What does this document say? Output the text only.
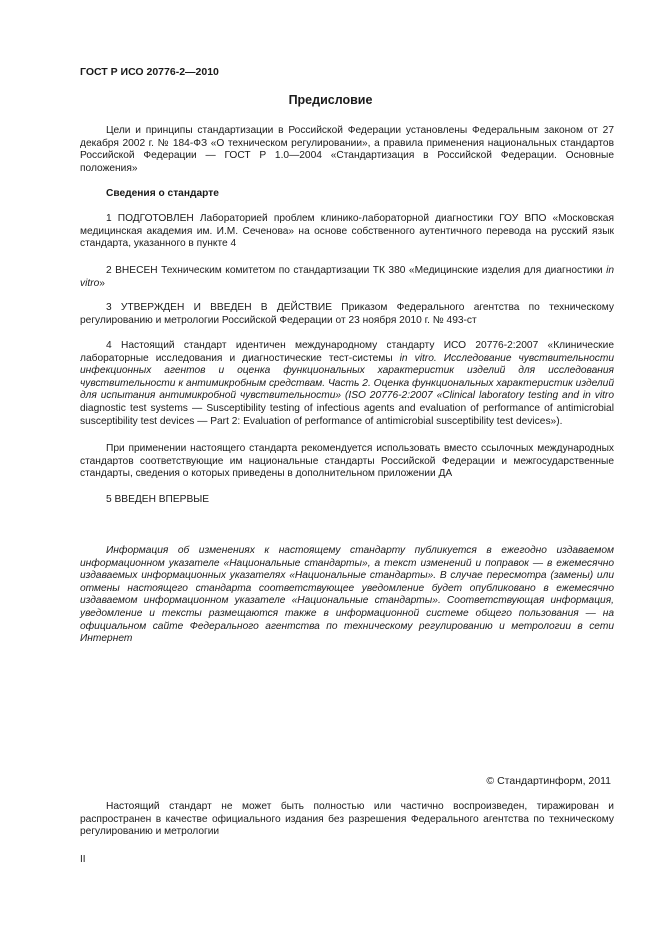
ГОСТ Р ИСО 20776-2—2010
Предисловие

Цели и принципы стандартизации в Российской Федерации установлены Федеральным законом от 27 декабря 2002 г. № 184-ФЗ «О техническом регулировании», а правила применения национальных стандартов Российской Федерации — ГОСТ Р 1.0—2004 «Стандартизация в Российской Федерации. Основные положения»

Сведения о стандарте

1 ПОДГОТОВЛЕН Лабораторией проблем клинико-лабораторной диагностики ГОУ ВПО «Московская медицинская академия им. И.М. Сеченова» на основе собственного аутентичного перевода на русский язык стандарта, указанного в пункте 4

2 ВНЕСЕН Техническим комитетом по стандартизации ТК 380 «Медицинские изделия для диагностики in vitro»

3 УТВЕРЖДЕН И ВВЕДЕН В ДЕЙСТВИЕ Приказом Федерального агентства по техническому регулированию и метрологии Российской Федерации от 23 ноября 2010 г. № 493-ст

4 Настоящий стандарт идентичен международному стандарту ИСО 20776-2:2007 «Клинические лабораторные исследования и диагностические тест-системы in vitro. Исследование чувствительности инфекционных агентов и оценка функциональных характеристик изделий для исследования чувствительности к антимикробным средствам. Часть 2. Оценка функциональных характеристик изделий для испытания антимикробной чувствительности» (ISO 20776-2:2007 «Clinical laboratory testing and in vitro diagnostic test systems — Susceptibility testing of infectious agents and evaluation of performance of antimicrobial susceptibility test devices — Part 2: Evaluation of performance of antimicrobial susceptibility test devices»).

При применении настоящего стандарта рекомендуется использовать вместо ссылочных международных стандартов соответствующие им национальные стандарты Российской Федерации и межгосударственные стандарты, сведения о которых приведены в дополнительном приложении ДА

5 ВВЕДЕН ВПЕРВЫЕ

Информация об изменениях к настоящему стандарту публикуется в ежегодно издаваемом информационном указателе «Национальные стандарты», а текст изменений и поправок — в ежемесячно издаваемых информационных указателях «Национальные стандарты». В случае пересмотра (замены) или отмены настоящего стандарта соответствующее уведомление будет опубликовано в ежемесячно издаваемом информационном указателе «Национальные стандарты». Соответствующая информация, уведомление и тексты размещаются также в информационной системе общего пользования — на официальном сайте Федерального агентства по техническому регулированию и метрологии в сети Интернет

© Стандартинформ, 2011

Настоящий стандарт не может быть полностью или частично воспроизведен, тиражирован и распространен в качестве официального издания без разрешения Федерального агентства по техническому регулированию и метрологии

II
